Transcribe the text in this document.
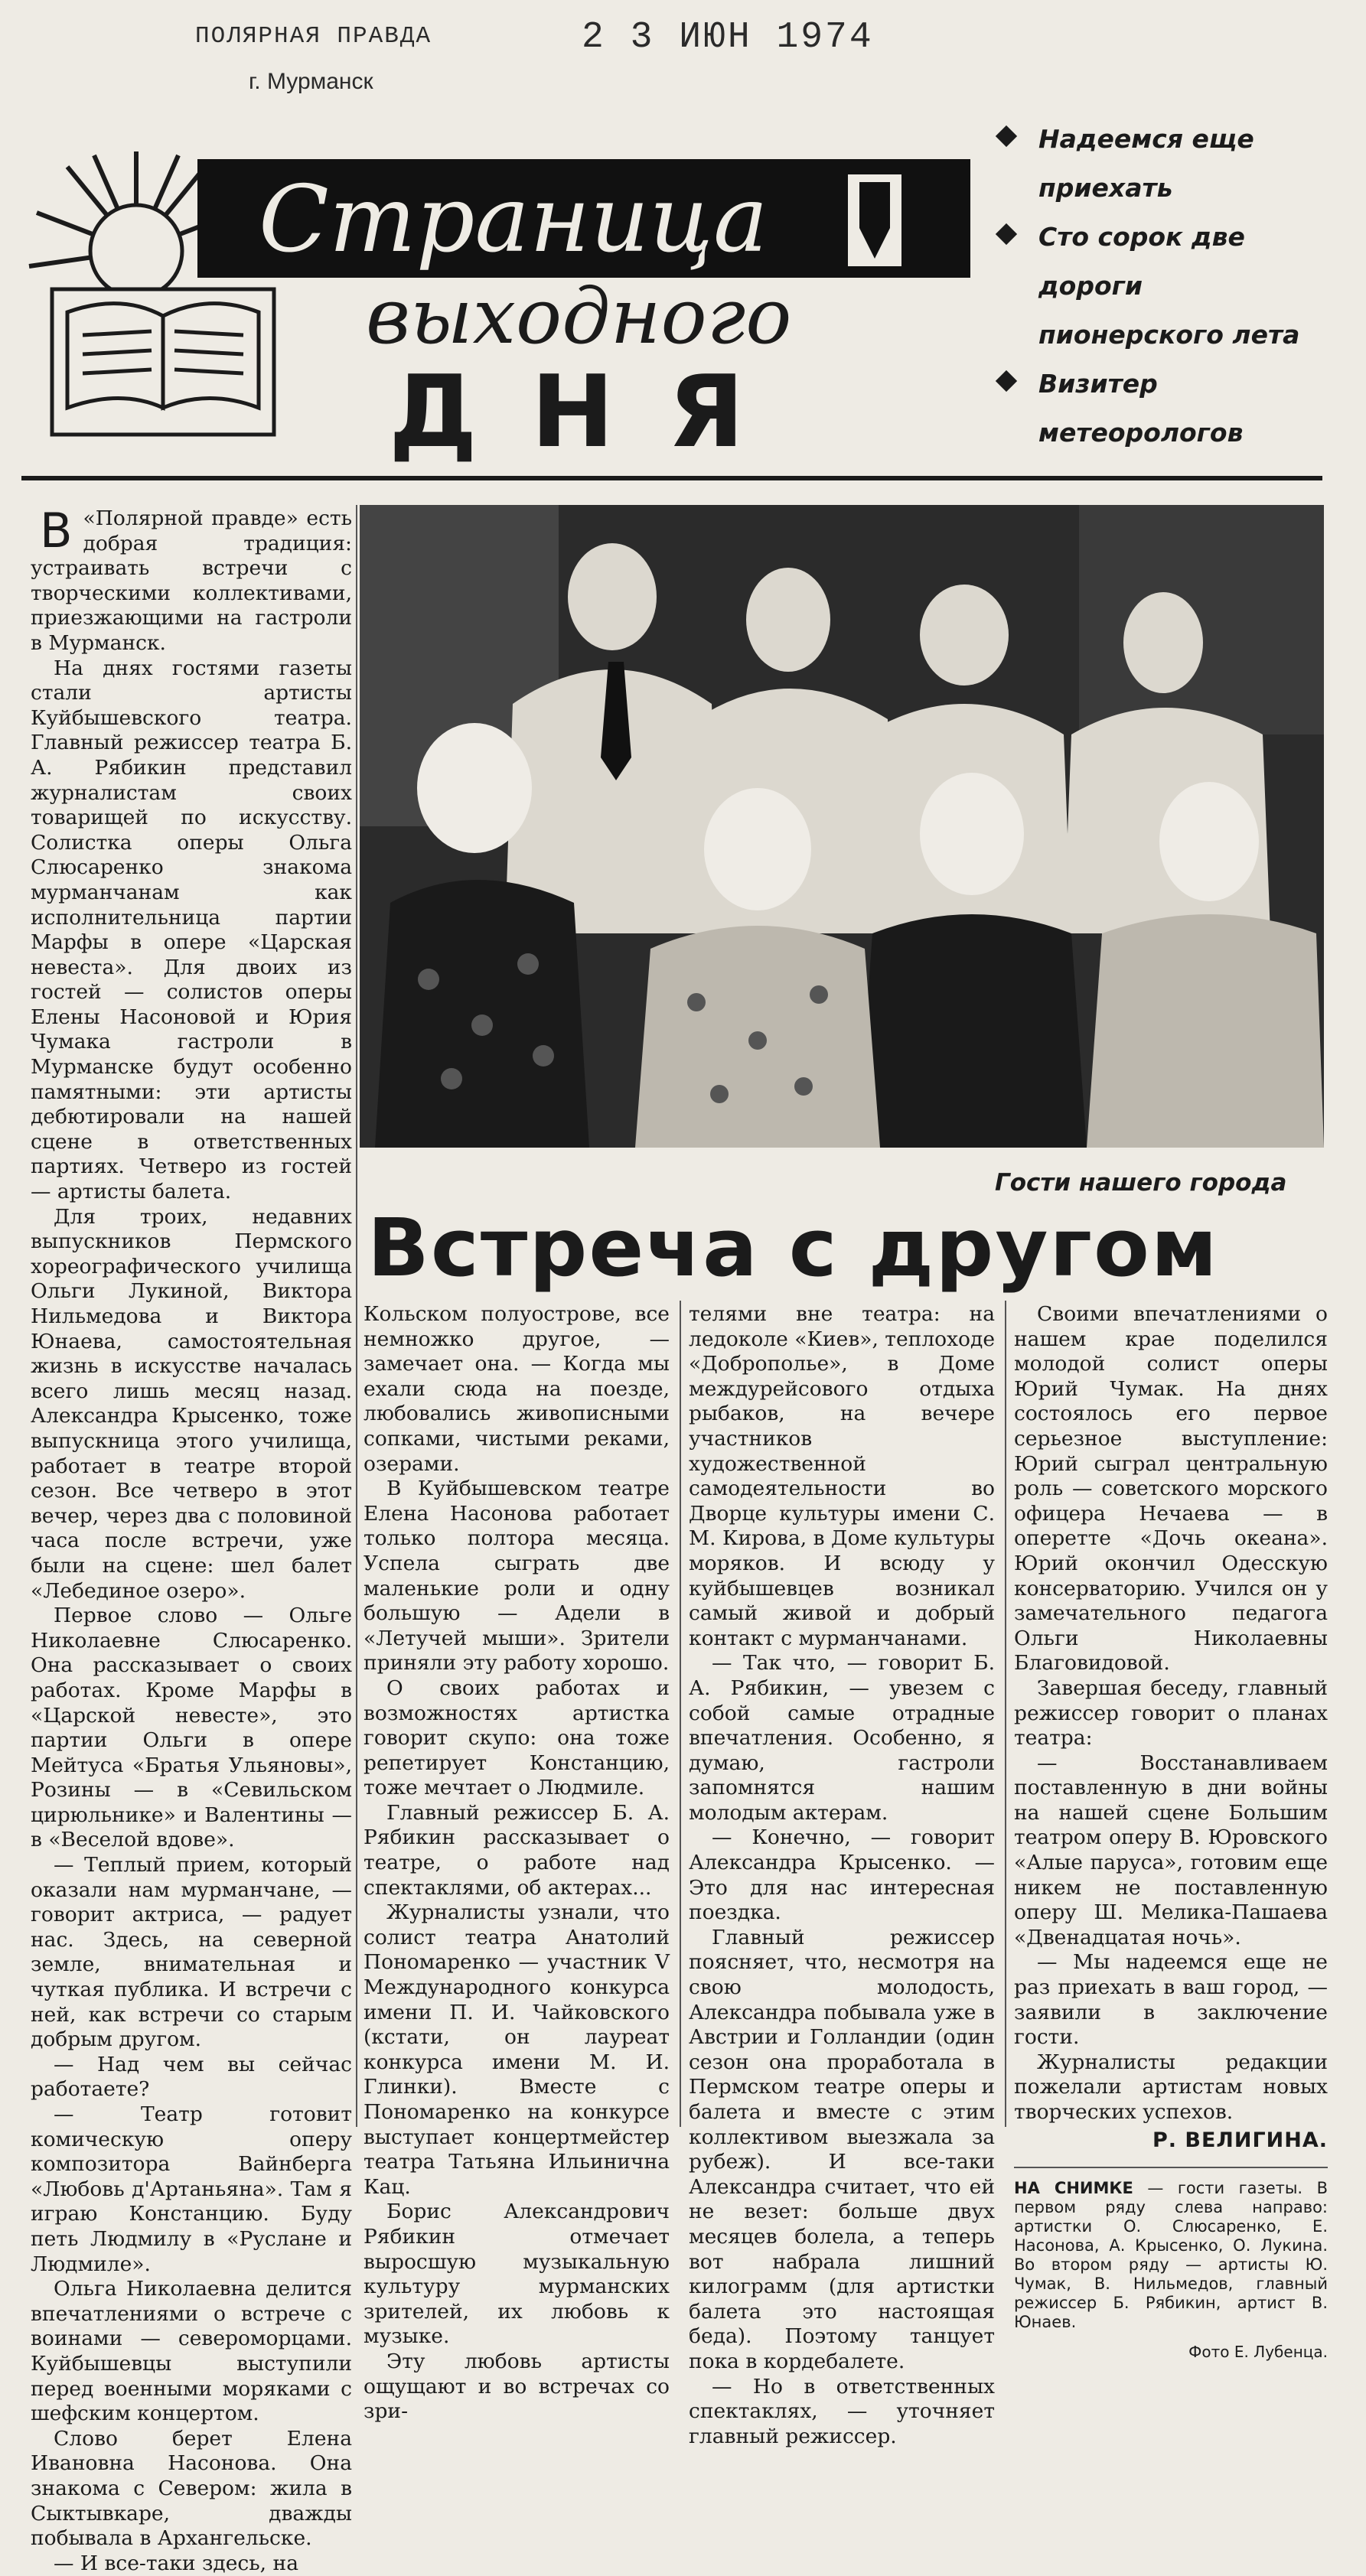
ПОЛЯРНАЯ ПРАВДА
г. Мурманск
2 3 ИЮН 1974
Страница
выходного
ДНЯ
Надеемся еще приехать
Сто сорок две дороги пионерского лета
Визитер метеорологов
Гости нашего города
Встреча с другом
В «Полярной правде» есть добрая традиция: устраивать встречи с творческими коллективами, приезжающими на гастроли в Мурманск.

На днях гостями газеты стали артисты Куйбышевского театра. Главный режиссер театра Б. А. Рябикин представил журналистам своих товарищей по искусству. Солистка оперы Ольга Слюсаренко знакома мурманчанам как исполнительница партии Марфы в опере «Царская невеста». Для двоих из гостей — солистов оперы Елены Насоновой и Юрия Чумака гастроли в Мурманске будут особенно памятными: эти артисты дебютировали на нашей сцене в ответственных партиях. Четверо из гостей — артисты балета.

Для троих, недавних выпускников Пермского хореографического училища Ольги Лукиной, Виктора Нильмедова и Виктора Юнаева, самостоятельная жизнь в искусстве началась всего лишь месяц назад. Александра Крысенко, тоже выпускница этого училища, работает в театре второй сезон. Все четверо в этот вечер, через два с половиной часа после встречи, уже были на сцене: шел балет «Лебединое озеро».

Первое слово — Ольге Николаевне Слюсаренко. Она рассказывает о своих работах. Кроме Марфы в «Царской невесте», это партии Ольги в опере Мейтуса «Братья Ульяновы», Розины — в «Севильском цирюльнике» и Валентины — в «Веселой вдове».

— Теплый прием, который оказали нам мурманчане, — говорит актриса, — радует нас. Здесь, на северной земле, внимательная и чуткая публика. И встречи с ней, как встречи со старым добрым другом.

— Над чем вы сейчас работаете?

— Театр готовит комическую оперу композитора Вайнберга «Любовь д'Артаньяна». Там я играю Констанцию. Буду петь Людмилу в «Руслане и Людмиле».

Ольга Николаевна делится впечатлениями о встрече с воинами — североморцами. Куйбышевцы выступили перед военными моряками с шефским концертом.

Слово берет Елена Ивановна Насонова. Она знакома с Севером: жила в Сыктывкаре, дважды побывала в Архангельске.

— И все-таки здесь, на

Кольском полуострове, все немножко другое, — замечает она. — Когда мы ехали сюда на поезде, любовались живописными сопками, чистыми реками, озерами.

В Куйбышевском театре Елена Насонова работает только полтора месяца. Успела сыграть две маленькие роли и одну большую — Адели в «Летучей мыши». Зрители приняли эту работу хорошо.

О своих работах и возможностях артистка говорит скупо: она тоже репетирует Констанцию, тоже мечтает о Людмиле.

Главный режиссер Б. А. Рябикин рассказывает о театре, о работе над спектаклями, об актерах...

Журналисты узнали, что солист театра Анатолий Пономаренко — участник V Международного конкурса имени П. И. Чайковского (кстати, он лауреат конкурса имени М. И. Глинки). Вместе с Пономаренко на конкурсе выступает концертмейстер театра Татьяна Ильинична Кац.

Борис Александрович Рябикин отмечает выросшую музыкальную культуру мурманских зрителей, их любовь к музыке.

Эту любовь артисты ощущают и во встречах со зри-

телями вне театра: на ледоколе «Киев», теплоходе «Доброполье», в Доме междурейсового отдыха рыбаков, на вечере участников художественной самодеятельности во Дворце культуры имени С. М. Кирова, в Доме культуры моряков. И всюду у куйбышевцев возникал самый живой и добрый контакт с мурманчанами.

— Так что, — говорит Б. А. Рябикин, — увезем с собой самые отрадные впечатления. Особенно, я думаю, гастроли запомнятся нашим молодым актерам.

— Конечно, — говорит Александра Крысенко. — Это для нас интересная поездка.

Главный режиссер поясняет, что, несмотря на свою молодость, Александра побывала уже в Австрии и Голландии (один сезон она проработала в Пермском театре оперы и балета и вместе с этим коллективом выезжала за рубеж). И все-таки Александра считает, что ей не везет: больше двух месяцев болела, а теперь вот набрала лишний килограмм (для артистки балета это настоящая беда). Поэтому танцует пока в кордебалете.

— Но в ответственных спектаклях, — уточняет главный режиссер.

Своими впечатлениями о нашем крае поделился молодой солист оперы Юрий Чумак. На днях состоялось его первое серьезное выступление: Юрий сыграл центральную роль — советского морского офицера Нечаева — в оперетте «Дочь океана». Юрий окончил Одесскую консерваторию. Учился он у замечательного педагога Ольги Николаевны Благовидовой.

Завершая беседу, главный режиссер говорит о планах театра:

— Восстанавливаем поставленную в дни войны на нашей сцене Большим театром оперу В. Юровского «Алые паруса», готовим еще никем не поставленную оперу Ш. Мелика-Пашаева «Двенадцатая ночь».

— Мы надеемся еще не раз приехать в ваш город, — заявили в заключение гости.

Журналисты редакции пожелали артистам новых творческих успехов.

Р. ВЕЛИГИНА.
НА СНИМКЕ — гости газеты. В первом ряду слева направо: артистки О. Слюсаренко, Е. Насонова, А. Крысенко, О. Лукина. Во втором ряду — артисты Ю. Чумак, В. Нильмедов, главный режиссер Б. Рябикин, артист В. Юнаев.
Фото Е. Лубенца.
